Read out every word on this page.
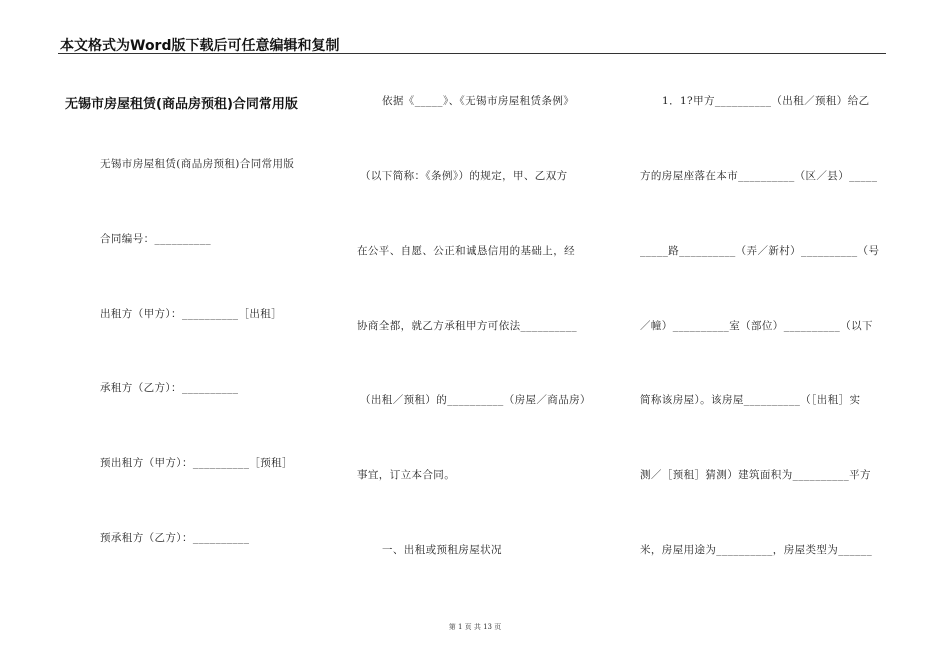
本文格式为Word版下载后可任意编辑和复制
无锡市房屋租赁(商品房预租)合同常用版
无锡市房屋租赁(商品房预租)合同常用版
合同编号：__________
出租方（甲方）：__________［出租］
承租方（乙方）：__________
预出租方（甲方）：__________［预租］
预承租方（乙方）：__________
依据《_____》、《无锡市房屋租赁条例》
（以下简称：《条例》）的规定，甲、乙双方
在公平、自愿、公正和诚恳信用的基础上，经
协商全都，就乙方承租甲方可依法__________
（出租／预租）的__________（房屋／商品房）
事宜，订立本合同。
一、出租或预租房屋状况
1．1?甲方__________（出租／预租）给乙
方的房屋座落在本市__________（区／县）_____
_____路__________（弄／新村）__________（号
／幢）__________室（部位）__________（以下
简称该房屋）。该房屋__________（［出租］实
测／［预租］猜测）建筑面积为__________平方
米，房屋用途为__________，房屋类型为______
第 1 页 共 13 页
